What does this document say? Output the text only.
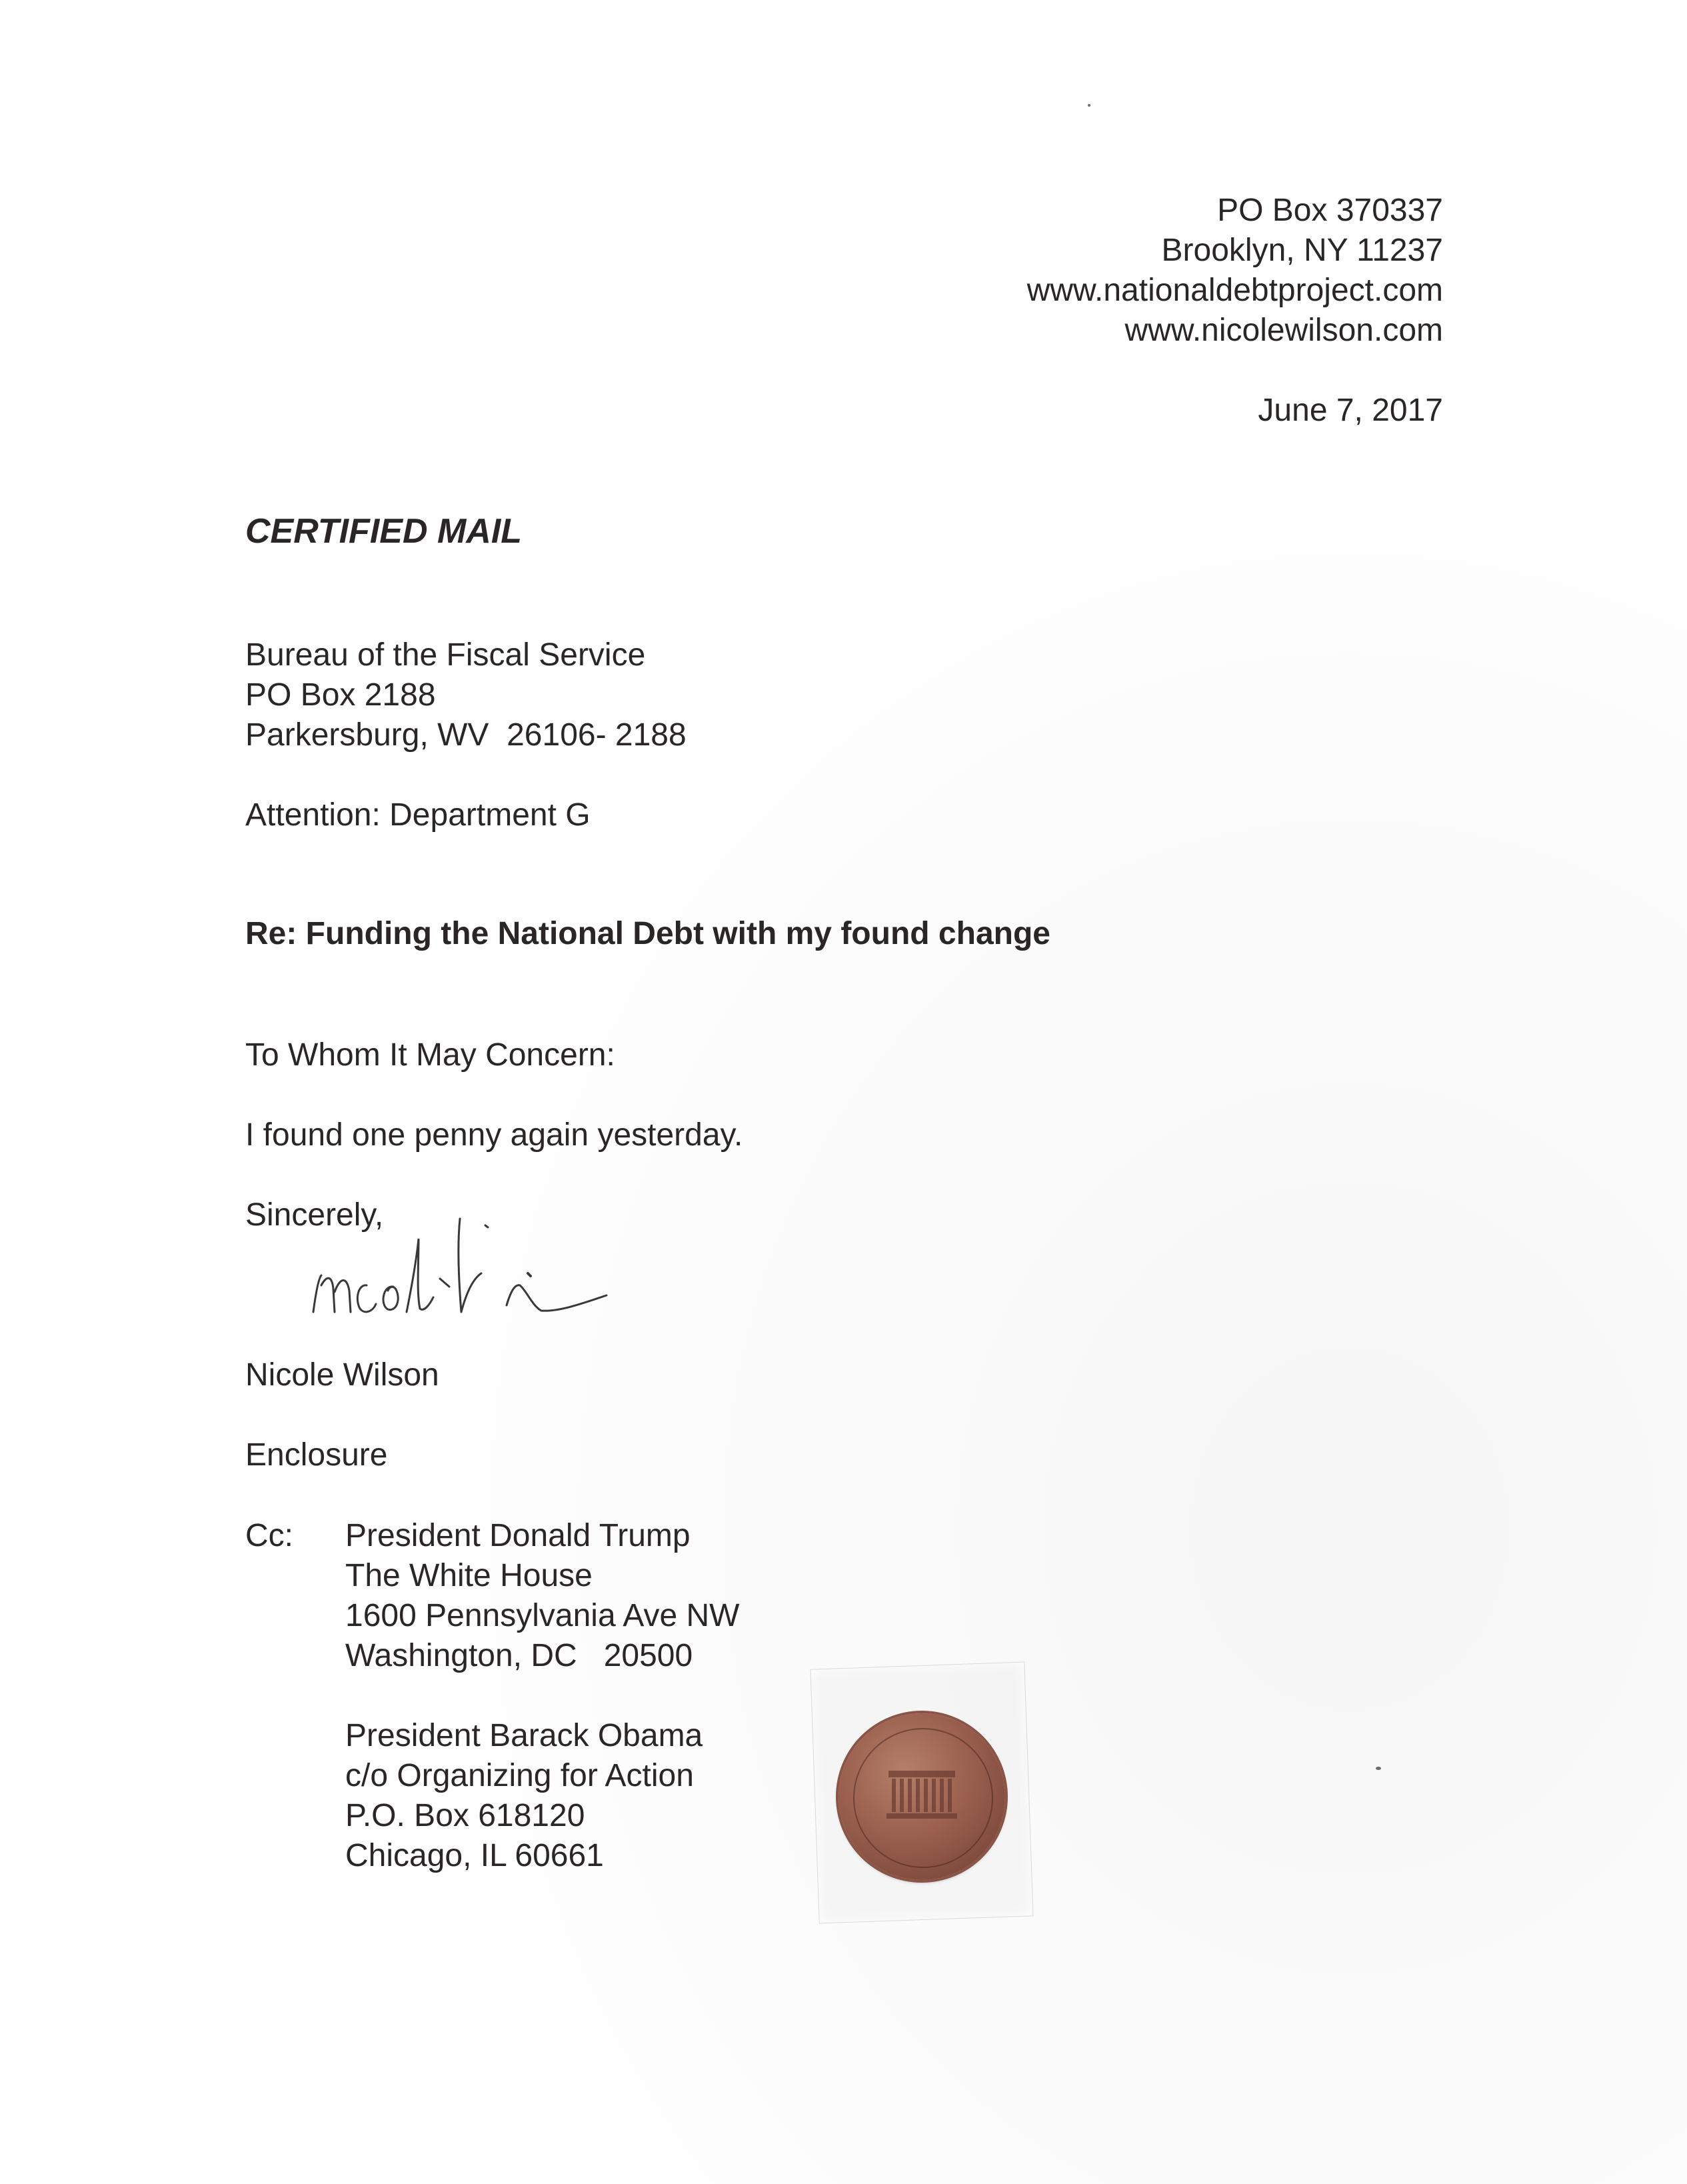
PO Box 370337
Brooklyn, NY 11237
www.nationaldebtproject.com
www.nicolewilson.com
June 7, 2017
CERTIFIED MAIL
Bureau of the Fiscal Service
PO Box 2188
Parkersburg, WV  26106- 2188
Attention: Department G
Re: Funding the National Debt with my found change
To Whom It May Concern:
I found one penny again yesterday.
Sincerely,
Nicole Wilson
Enclosure
Cc: President Donald Trump
The White House
1600 Pennsylvania Ave NW
Washington, DC   20500
President Barack Obama
c/o Organizing for Action
P.O. Box 618120
Chicago, IL 60661
